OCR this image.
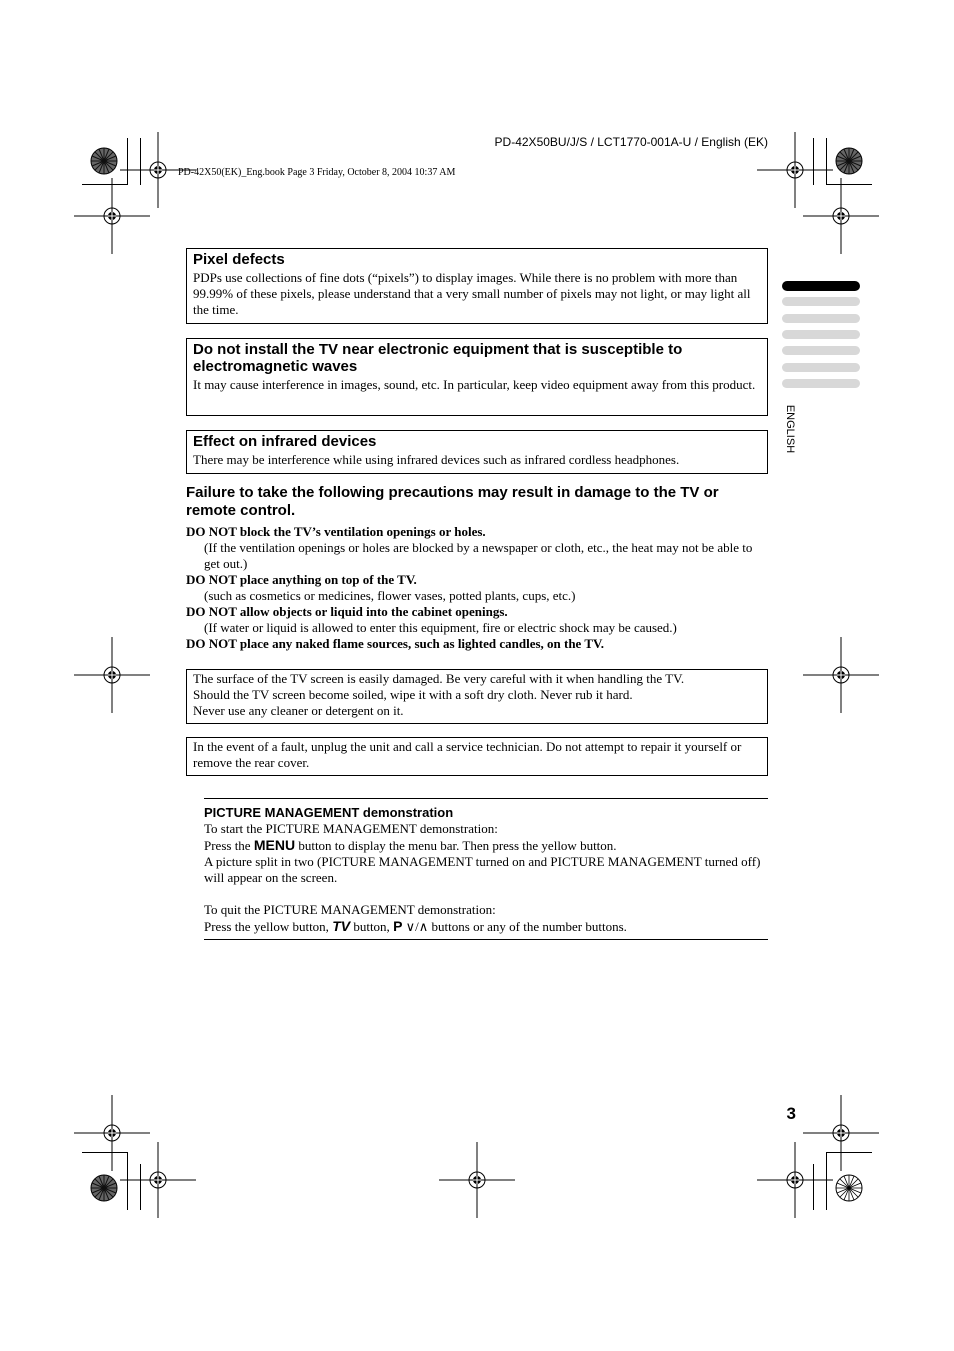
PD-42X50BU/J/S / LCT1770-001A-U / English (EK)
PD-42X50(EK)_Eng.book Page 3 Friday, October 8, 2004 10:37 AM
ENGLISH
Pixel defects

PDPs use collections of fine dots (“pixels”) to display images. While there is no problem with more than 99.99% of these pixels, please understand that a very small number of pixels may not light, or may light all the time.

Do not install the TV near electronic equipment that is susceptible to electromagnetic waves

It may cause interference in images, sound, etc. In particular, keep video equipment away from this product.

Effect on infrared devices

There may be interference while using infrared devices such as infrared cordless headphones.

Failure to take the following precautions may result in damage to the TV or remote control.
DO NOT block the TV’s ventilation openings or holes.
(If the ventilation openings or holes are blocked by a newspaper or cloth, etc., the heat may not be able to get out.)
DO NOT place anything on top of the TV.
(such as cosmetics or medicines, flower vases, potted plants, cups, etc.)
DO NOT allow objects or liquid into the cabinet openings.
(If water or liquid is allowed to enter this equipment, fire or electric shock may be caused.)
DO NOT place any naked flame sources, such as lighted candles, on the TV.

The surface of the TV screen is easily damaged. Be very careful with it when handling the TV.

Should the TV screen become soiled, wipe it with a soft dry cloth. Never rub it hard.

Never use any cleaner or detergent on it.

In the event of a fault, unplug the unit and call a service technician. Do not attempt to repair it yourself or remove the rear cover.

PICTURE MANAGEMENT demonstration

To start the PICTURE MANAGEMENT demonstration:

Press the MENU button to display the menu bar. Then press the yellow button.

A picture split in two (PICTURE MANAGEMENT turned on and PICTURE MANAGEMENT turned off) will appear on the screen.

To quit the PICTURE MANAGEMENT demonstration:

Press the yellow button, TV button, P ∨/∧ buttons or any of the number buttons.

3
